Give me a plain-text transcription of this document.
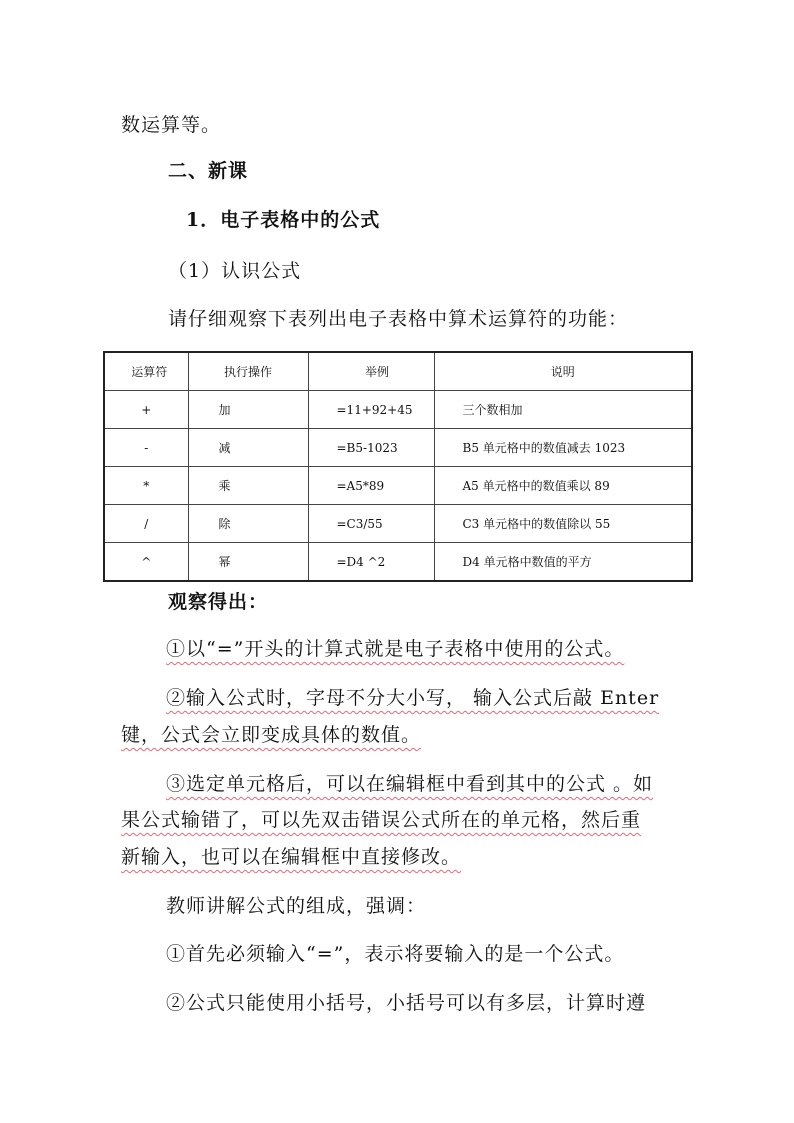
数运算等。
二、新课
1．电子表格中的公式
（1）认识公式
请仔细观察下表列出电子表格中算术运算符的功能：
运算符	执行操作	举例	说明
+	加	=11+92+45	三个数相加
-	减	=B5-1023	B5 单元格中的数值减去 1023
*	乘	=A5*89	A5 单元格中的数值乘以 89
/	除	=C3/55	C3 单元格中的数值除以 55
^	幂	=D4 ^2	D4 单元格中数值的平方
观察得出：
①以“=”开头的计算式就是电子表格中使用的公式。
②输入公式时，字母不分大小写， 输入公式后敲 Enter
键，公式会立即变成具体的数值。
③选定单元格后，可以在编辑框中看到其中的公式 。如
果公式输错了，可以先双击错误公式所在的单元格，然后重
新输入，也可以在编辑框中直接修改。
教师讲解公式的组成，强调：
①首先必须输入“=”，表示将要输入的是一个公式。
②公式只能使用小括号，小括号可以有多层，计算时遵
